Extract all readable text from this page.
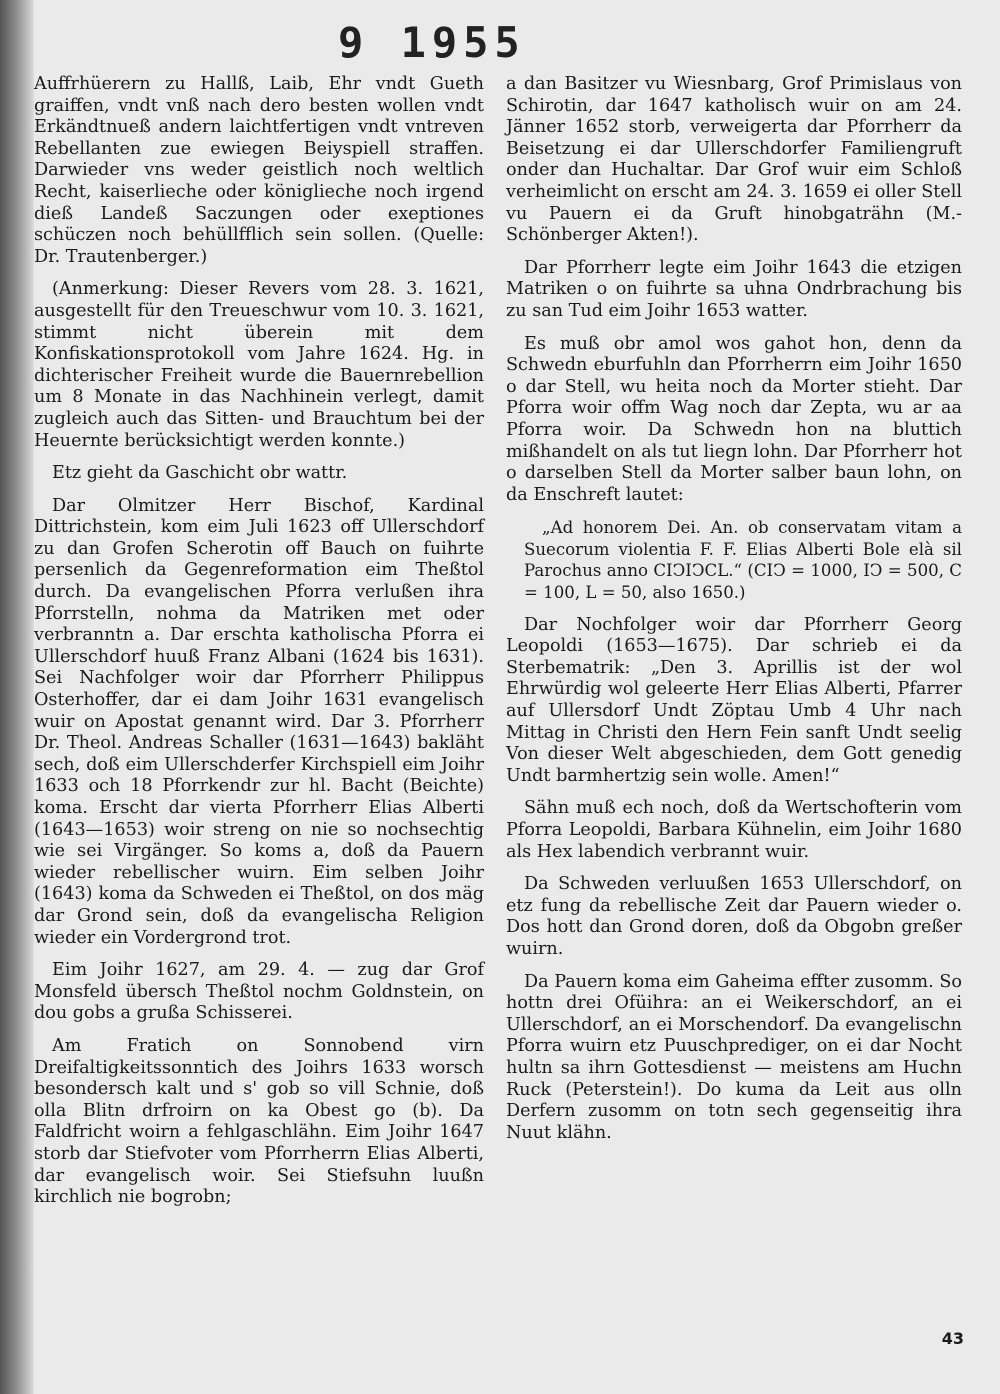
9 1955

Auffrhüerern zu Hallß, Laib, Ehr vndt Gueth graiffen, vndt vnß nach dero besten wollen vndt Erkändtnueß andern laichtfertigen vndt vntreven Rebellanten zue ewiegen Beiyspiell straffen. Darwieder vns weder geistlich noch weltlich Recht, kaiserlieche oder königlieche noch irgend dieß Landeß Saczungen oder exeptiones schüczen noch behüllfflich sein sollen. (Quelle: Dr. Trautenberger.)

(Anmerkung: Dieser Revers vom 28. 3. 1621, ausgestellt für den Treueschwur vom 10. 3. 1621, stimmt nicht überein mit dem Konfiskationsprotokoll vom Jahre 1624. Hg. in dichterischer Freiheit wurde die Bauernrebellion um 8 Monate in das Nachhinein verlegt, damit zugleich auch das Sitten- und Brauchtum bei der Heuernte berücksichtigt werden konnte.)

Etz gieht da Gaschicht obr wattr.

Dar Olmitzer Herr Bischof, Kardinal Dittrichstein, kom eim Juli 1623 off Ullerschdorf zu dan Grofen Scherotin off Bauch on fuihrte persenlich da Gegenreformation eim Theßtol durch. Da evangelischen Pforra verlußen ihra Pforrstelln, nohma da Matriken met oder verbranntn a. Dar erschta katholischa Pforra ei Ullerschdorf huuß Franz Albani (1624 bis 1631). Sei Nachfolger woir dar Pforrherr Philippus Osterhoffer, dar ei dam Joihr 1631 evangelisch wuir on Apostat genannt wird. Dar 3. Pforrherr Dr. Theol. Andreas Schaller (1631—1643) bakläht sech, doß eim Ullerschderfer Kirchspiell eim Joihr 1633 och 18 Pforrkendr zur hl. Bacht (Beichte) koma. Erscht dar vierta Pforrherr Elias Alberti (1643—1653) woir streng on nie so nochsechtig wie sei Virgänger. So koms a, doß da Pauern wieder rebellischer wuirn. Eim selben Joihr (1643) koma da Schweden ei Theßtol, on dos mäg dar Grond sein, doß da evangelischa Religion wieder ein Vordergrond trot.

Eim Joihr 1627, am 29. 4. — zug dar Grof Monsfeld übersch Theßtol nochm Goldnstein, on dou gobs a grußa Schisserei.

Am Fratich on Sonnobend virn Dreifaltigkeitssonntich des Joihrs 1633 worsch besondersch kalt und s' gob so vill Schnie, doß olla Blitn drfroirn on ka Obest go (b). Da Faldfricht woirn a fehlgaschlähn. Eim Joihr 1647 storb dar Stiefvoter vom Pforrherrn Elias Alberti, dar evangelisch woir. Sei Stiefsuhn luußn kirchlich nie bogrobn;

a dan Basitzer vu Wiesnbarg, Grof Primislaus von Schirotin, dar 1647 katholisch wuir on am 24. Jänner 1652 storb, verweigerta dar Pforrherr da Beisetzung ei dar Ullerschdorfer Familiengruft onder dan Huchaltar. Dar Grof wuir eim Schloß verheimlicht on erscht am 24. 3. 1659 ei oller Stell vu Pauern ei da Gruft hinobgaträhn (M.-Schönberger Akten!).

Dar Pforrherr legte eim Joihr 1643 die etzigen Matriken o on fuihrte sa uhna Ondrbrachung bis zu san Tud eim Joihr 1653 watter.

Es muß obr amol wos gahot hon, denn da Schwedn eburfuhln dan Pforrherrn eim Joihr 1650 o dar Stell, wu heita noch da Morter stieht. Dar Pforra woir offm Wag noch dar Zepta, wu ar aa Pforra woir. Da Schwedn hon na bluttich mißhandelt on als tut liegn lohn. Dar Pforrherr hot o darselben Stell da Morter salber baun lohn, on da Enschreft lautet:

„Ad honorem Dei. An. ob conservatam vitam a Suecorum violentia F. F. Elias Alberti Bole elà sil Parochus anno CIↃIↃCL.“ (CIↃ = 1000, IↃ = 500, C = 100, L = 50, also 1650.)

Dar Nochfolger woir dar Pforrherr Georg Leopoldi (1653—1675). Dar schrieb ei da Sterbematrik: „Den 3. Aprillis ist der wol Ehrwürdig wol geleerte Herr Elias Alberti, Pfarrer auf Ullersdorf Undt Zöptau Umb 4 Uhr nach Mittag in Christi den Hern Fein sanft Undt seelig Von dieser Welt abgeschieden, dem Gott genedig Undt barmhertzig sein wolle. Amen!“

Sähn muß ech noch, doß da Wertschofterin vom Pforra Leopoldi, Barbara Kühnelin, eim Joihr 1680 als Hex labendich verbrannt wuir.

Da Schweden verluußen 1653 Ullerschdorf, on etz fung da rebellische Zeit dar Pauern wieder o. Dos hott dan Grond doren, doß da Obgobn greßer wuirn.

Da Pauern koma eim Gaheima effter zusomm. So hottn drei Ofüihra: an ei Weikerschdorf, an ei Ullerschdorf, an ei Morschendorf. Da evangelischn Pforra wuirn etz Puuschprediger, on ei dar Nocht hultn sa ihrn Gottesdienst — meistens am Huchn Ruck (Peterstein!). Do kuma da Leit aus olln Derfern zusomm on totn sech gegenseitig ihra Nuut klähn.

43
